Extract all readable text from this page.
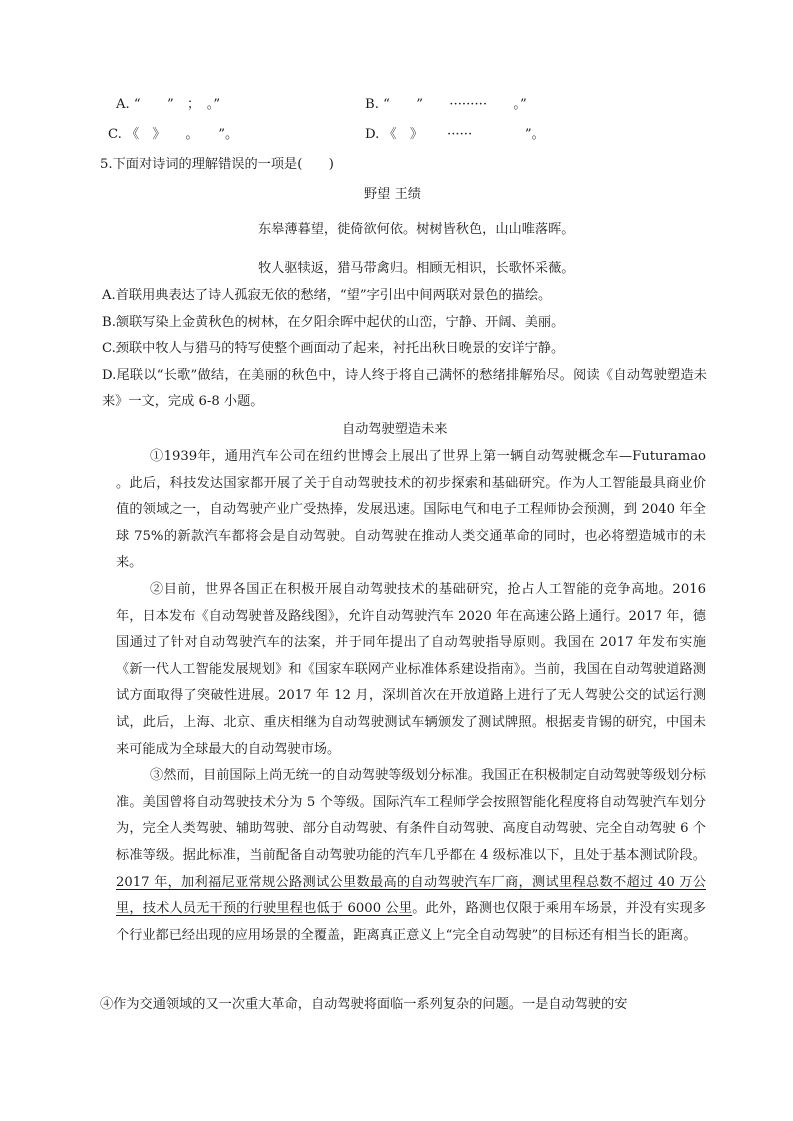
A. “　　”　；　。”	B. “　　”　　·········　　。”
C. 《　》　　。　　”。	D. 《　》　　 ······　　　　”。
5.下面对诗词的理解错误的一项是(　　)
野望 王绩
东皋薄暮望，徙倚欲何依。树树皆秋色，山山唯落晖。
牧人驱犊返，猎马带禽归。相顾无相识，长歌怀采薇。

A.首联用典表达了诗人孤寂无依的愁绪，“望”字引出中间两联对景色的描绘。

B.颔联写染上金黄秋色的树林，在夕阳余晖中起伏的山峦，宁静、开阔、美丽。

C.颈联中牧人与猎马的特写使整个画面动了起来，衬托出秋日晚景的安详宁静。

D.尾联以“长歌”做结，在美丽的秋色中，诗人终于将自己满怀的愁绪排解殆尽。阅读《自动驾驶塑造未来》一文，完成 6-8 小题。

自动驾驶塑造未来

①1939年，通用汽车公司在纽约世博会上展出了世界上第一辆自动驾驶概念车—Futuramao 。此后，科技发达国家都开展了关于自动驾驶技术的初步探索和基础研究。作为人工智能最具商业价值的领域之一，自动驾驶产业广受热捧，发展迅速。国际电气和电子工程师协会预测，到 2040 年全球 75%的新款汽车都将会是自动驾驶。自动驾驶在推动人类交通革命的同时，也必将塑造城市的未来。

②目前，世界各国正在积极开展自动驾驶技术的基础研究，抢占人工智能的竞争高地。2016 年，日本发布《自动驾驶普及路线图》，允许自动驾驶汽车 2020 年在高速公路上通行。2017 年，德国通过了针对自动驾驶汽车的法案，并于同年提出了自动驾驶指导原则。我国在 2017 年发布实施《新一代人工智能发展规划》和《国家车联网产业标准体系建设指南》。当前，我国在自动驾驶道路测试方面取得了突破性进展。2017 年 12 月，深圳首次在开放道路上进行了无人驾驶公交的试运行测试，此后，上海、北京、重庆相继为自动驾驶测试车辆颁发了测试牌照。根据麦肯锡的研究，中国未来可能成为全球最大的自动驾驶市场。

③然而，目前国际上尚无统一的自动驾驶等级划分标准。我国正在积极制定自动驾驶等级划分标准。美国曾将自动驾驶技术分为 5 个等级。国际汽车工程师学会按照智能化程度将自动驾驶汽车划分为，完全人类驾驶、辅助驾驶、部分自动驾驶、有条件自动驾驶、高度自动驾驶、完全自动驾驶 6 个标准等级。据此标准，当前配备自动驾驶功能的汽车几乎都在 4 级标准以下，且处于基本测试阶段。2017 年，加利福尼亚常规公路测试公里数最高的自动驾驶汽车厂商，测试里程总数不超过 40 万公里，技术人员无干预的行驶里程也低于 6000 公里。此外，路测也仅限于乘用车场景，并没有实现多个行业都已经出现的应用场景的全覆盖，距离真正意义上“完全自动驾驶”的目标还有相当长的距离。

④作为交通领域的又一次重大革命，自动驾驶将面临一系列复杂的问题。一是自动驾驶的安
